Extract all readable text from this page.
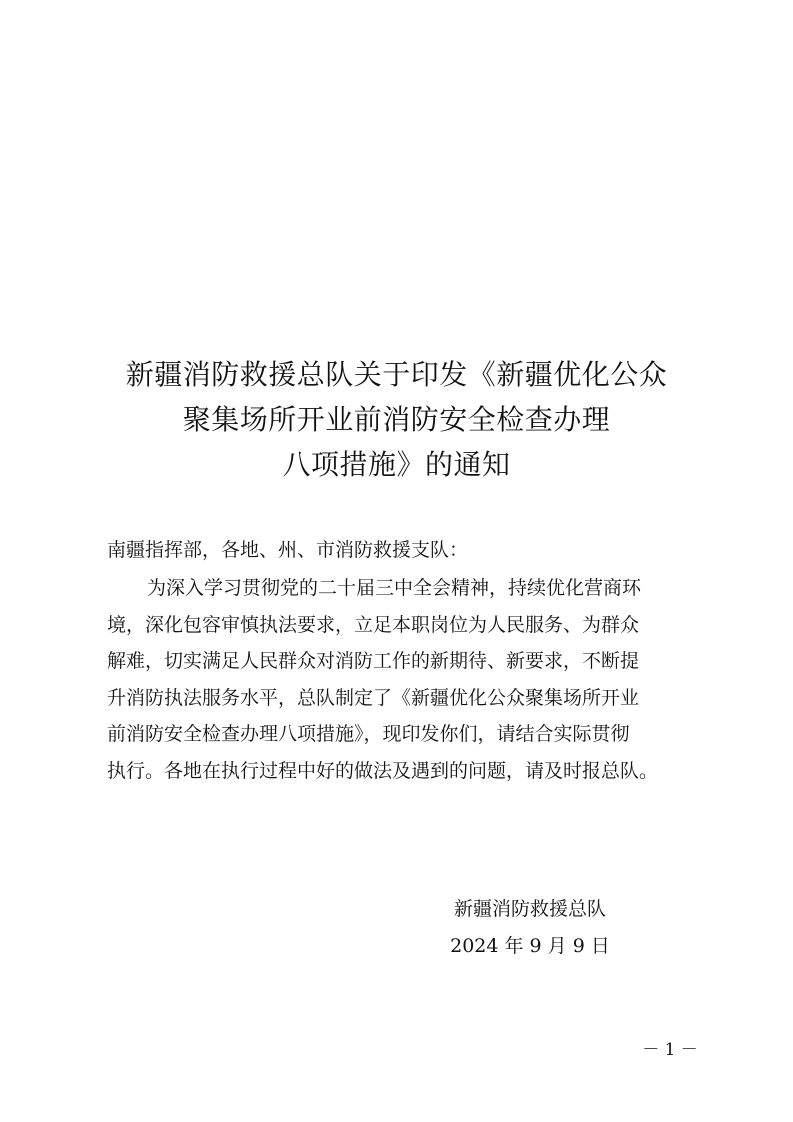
新疆消防救援总队关于印发《新疆优化公众
聚集场所开业前消防安全检查办理
八项措施》的通知

南疆指挥部，各地、州、市消防救援支队：

为深入学习贯彻党的二十届三中全会精神，持续优化营商环
境，深化包容审慎执法要求，立足本职岗位为人民服务、为群众
解难，切实满足人民群众对消防工作的新期待、新要求，不断提
升消防执法服务水平，总队制定了《新疆优化公众聚集场所开业
前消防安全检查办理八项措施》，现印发你们，请结合实际贯彻
执行。各地在执行过程中好的做法及遇到的问题，请及时报总队。
新疆消防救援总队
2024 年 9 月 9 日
－ 1 －
